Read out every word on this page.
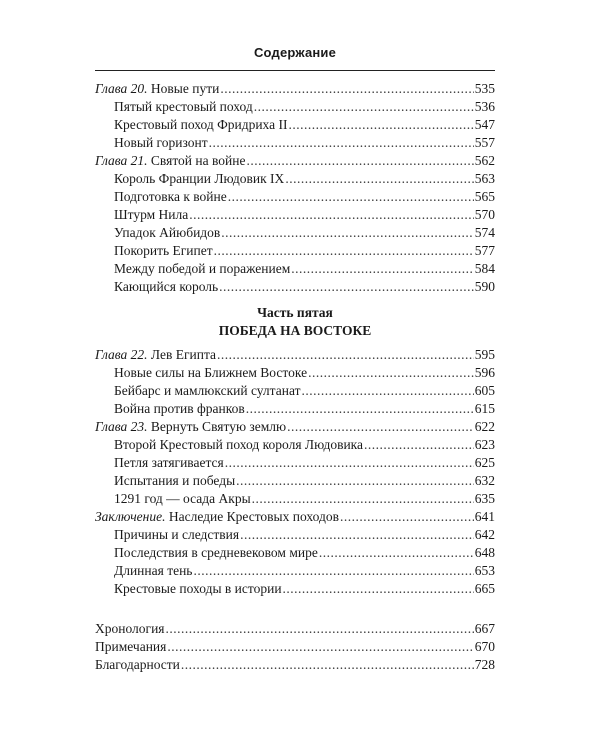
Содержание
Глава 20. Новые пути .....	535
Пятый крестовый поход .....	536
Крестовый поход Фридриха II .....	547
Новый горизонт .....	557
Глава 21. Святой на войне .....	562
Король Франции Людовик IX .....	563
Подготовка к войне .....	565
Штурм Нила .....	570
Упадок Айюбидов .....	574
Покорить Египет .....	577
Между победой и поражением .....	584
Кающийся король .....	590
Часть пятая
ПОБЕДА НА ВОСТОКЕ
Глава 22. Лев Египта .....	595
Новые силы на Ближнем Востоке .....	596
Бейбарс и мамлюкский султанат .....	605
Война против франков .....	615
Глава 23. Вернуть Святую землю .....	622
Второй Крестовый поход короля Людовика .....	623
Петля затягивается .....	625
Испытания и победы .....	632
1291 год — осада Акры .....	635
Заключение. Наследие Крестовых походов .....	641
Причины и следствия .....	642
Последствия в средневековом мире .....	648
Длинная тень .....	653
Крестовые походы в истории .....	665
Хронология .....	667
Примечания .....	670
Благодарности .....	728
